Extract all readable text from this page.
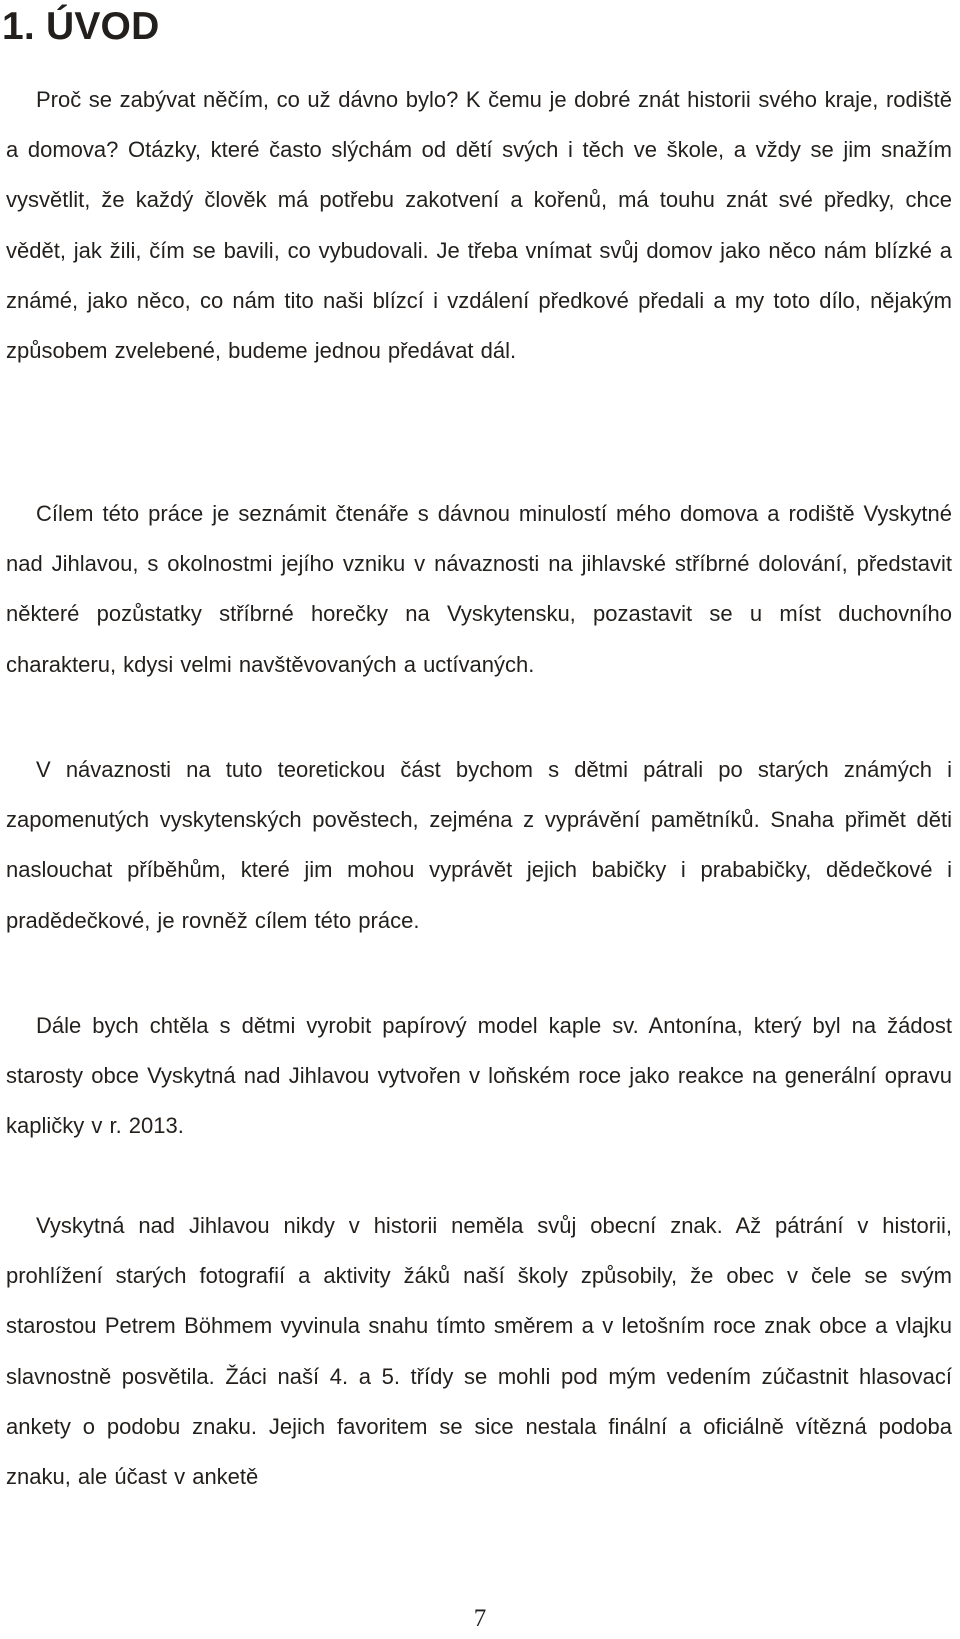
1. ÚVOD

Proč se zabývat něčím, co už dávno bylo? K čemu je dobré znát historii svého kraje, rodiště a domova? Otázky, které často slýchám od dětí svých i těch ve škole, a vždy se jim snažím vysvětlit, že každý člověk má potřebu zakotvení a kořenů, má touhu znát své předky, chce vědět, jak žili, čím se bavili, co vybudovali. Je třeba vnímat svůj domov jako něco nám blízké a známé, jako něco, co nám tito naši blízcí i vzdálení předkové předali a my toto dílo, nějakým způsobem zvelebené, budeme jednou předávat dál.

Cílem této práce je seznámit čtenáře s dávnou minulostí mého domova a rodiště Vyskytné nad Jihlavou, s okolnostmi jejího vzniku v návaznosti na jihlavské stříbrné dolování, představit některé pozůstatky stříbrné horečky na Vyskytensku, pozastavit se u míst duchovního charakteru, kdysi velmi navštěvovaných a uctívaných.

V návaznosti na tuto teoretickou část bychom s dětmi pátrali po starých známých i zapomenutých vyskytenských pověstech, zejména z vyprávění pamětníků. Snaha přimět děti naslouchat příběhům, které jim mohou vyprávět jejich babičky i prababičky, dědečkové i pradědečkové, je rovněž cílem této práce.

Dále bych chtěla s dětmi vyrobit papírový model kaple sv. Antonína, který byl na žádost starosty obce Vyskytná nad Jihlavou vytvořen v loňském roce jako reakce na generální opravu kapličky v r. 2013.

Vyskytná nad Jihlavou nikdy v historii neměla svůj obecní znak. Až pátrání v historii, prohlížení starých fotografií a aktivity žáků naší školy způsobily, že obec v čele se svým starostou Petrem Böhmem vyvinula snahu tímto směrem a v letošním roce znak obce a vlajku slavnostně posvětila. Žáci naší 4. a 5. třídy se mohli pod mým vedením zúčastnit hlasovací ankety o podobu znaku. Jejich favoritem se sice nestala finální a oficiálně vítězná podoba znaku, ale účast v anketě

7
